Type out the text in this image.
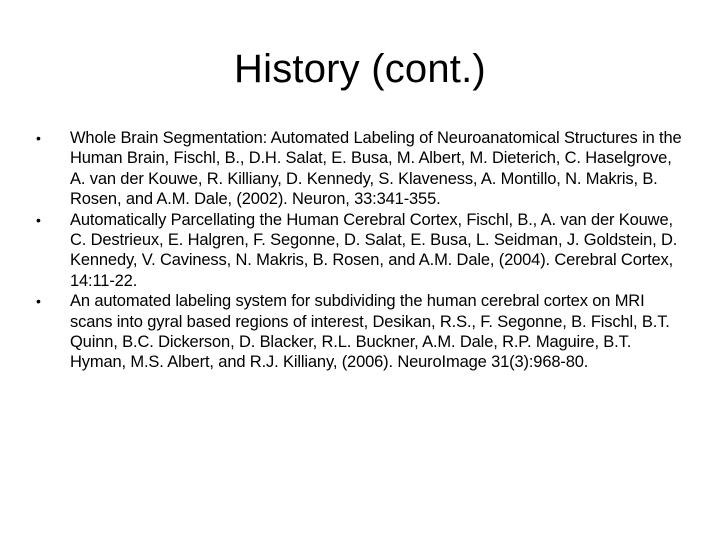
History (cont.)
•	Whole Brain Segmentation: Automated Labeling of Neuroanatomical Structures in the Human Brain, Fischl, B., D.H. Salat, E. Busa, M. Albert, M. Dieterich, C. Haselgrove, A. van der Kouwe, R. Killiany, D. Kennedy, S. Klaveness, A. Montillo, N. Makris, B. Rosen, and A.M. Dale, (2002). Neuron, 33:341-355.
•	Automatically Parcellating the Human Cerebral Cortex, Fischl, B., A. van der Kouwe, C. Destrieux, E. Halgren, F. Segonne, D. Salat, E. Busa, L. Seidman, J. Goldstein, D. Kennedy, V. Caviness, N. Makris, B. Rosen, and A.M. Dale, (2004). Cerebral Cortex, 14:11-22.
•	An automated labeling system for subdividing the human cerebral cortex on MRI scans into gyral based regions of interest, Desikan, R.S., F. Segonne, B. Fischl, B.T. Quinn, B.C. Dickerson, D. Blacker, R.L. Buckner, A.M. Dale, R.P. Maguire, B.T. Hyman, M.S. Albert, and R.J. Killiany, (2006). NeuroImage 31(3):968-80.
